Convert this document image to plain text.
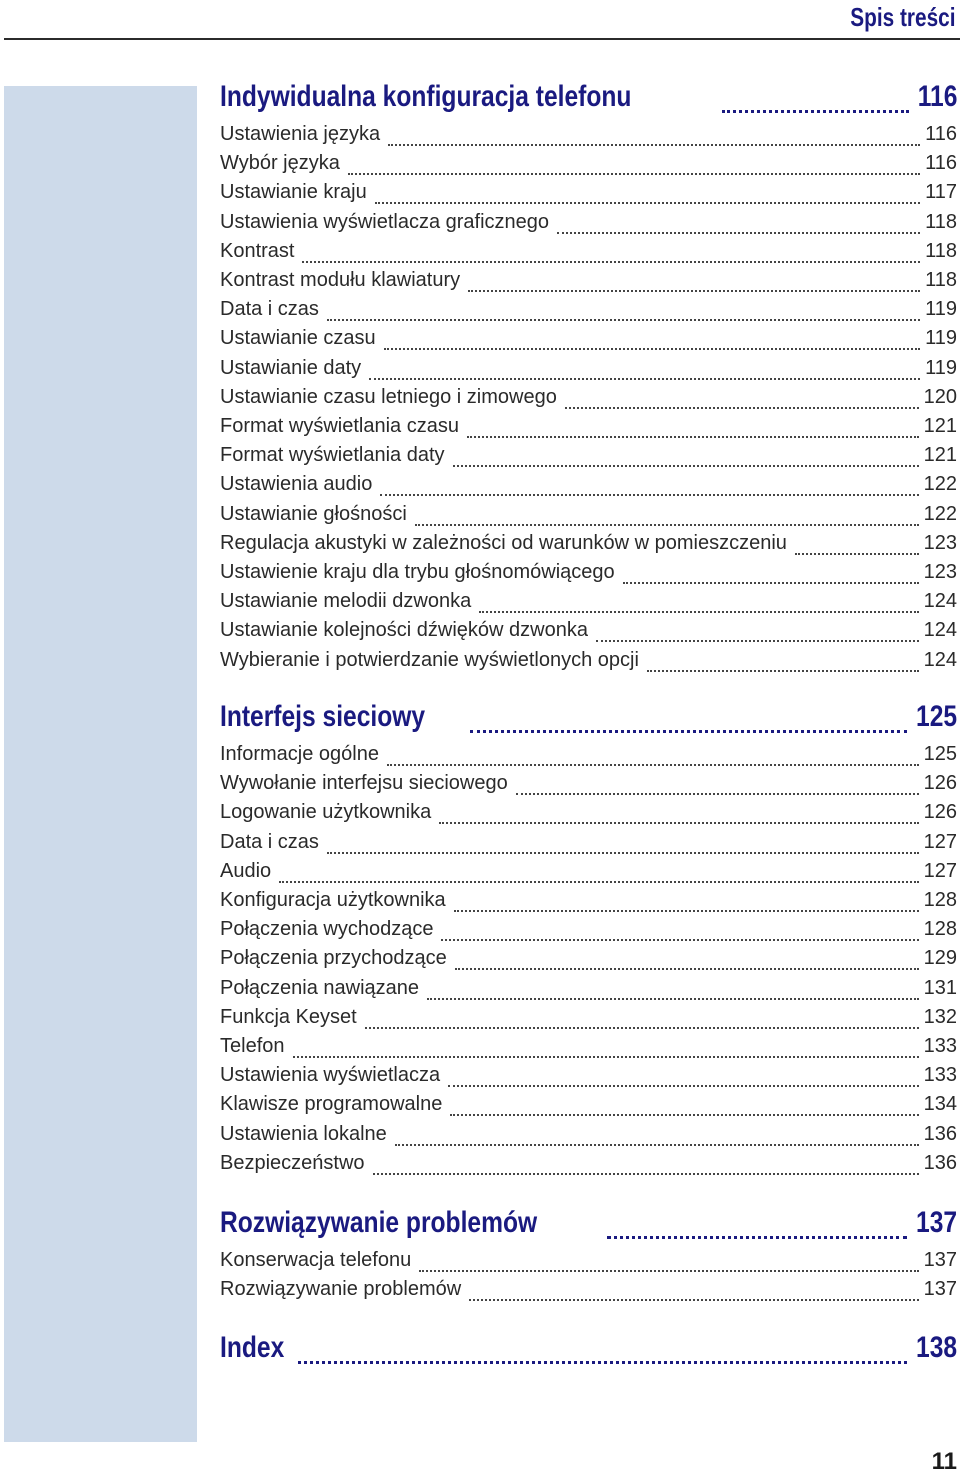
Spis treści
Indywidualna konfiguracja telefonu	116
Ustawienia języka	116
Wybór języka	116
Ustawianie kraju	117
Ustawienia wyświetlacza graficznego	118
Kontrast	118
Kontrast modułu klawiatury	118
Data i czas	119
Ustawianie czasu	119
Ustawianie daty	119
Ustawianie czasu letniego i zimowego	120
Format wyświetlania czasu	121
Format wyświetlania daty	121
Ustawienia audio	122
Ustawianie głośności	122
Regulacja akustyki w zależności od warunków w pomieszczeniu	123
Ustawienie kraju dla trybu głośnomówiącego	123
Ustawianie melodii dzwonka	124
Ustawianie kolejności dźwięków dzwonka	124
Wybieranie i potwierdzanie wyświetlonych opcji	124
Interfejs sieciowy	125
Informacje ogólne	125
Wywołanie interfejsu sieciowego	126
Logowanie użytkownika	126
Data i czas	127
Audio	127
Konfiguracja użytkownika	128
Połączenia wychodzące	128
Połączenia przychodzące	129
Połączenia nawiązane	131
Funkcja Keyset	132
Telefon	133
Ustawienia wyświetlacza	133
Klawisze programowalne	134
Ustawienia lokalne	136
Bezpieczeństwo	136
Rozwiązywanie problemów	137
Konserwacja telefonu	137
Rozwiązywanie problemów	137
Index	138
11
